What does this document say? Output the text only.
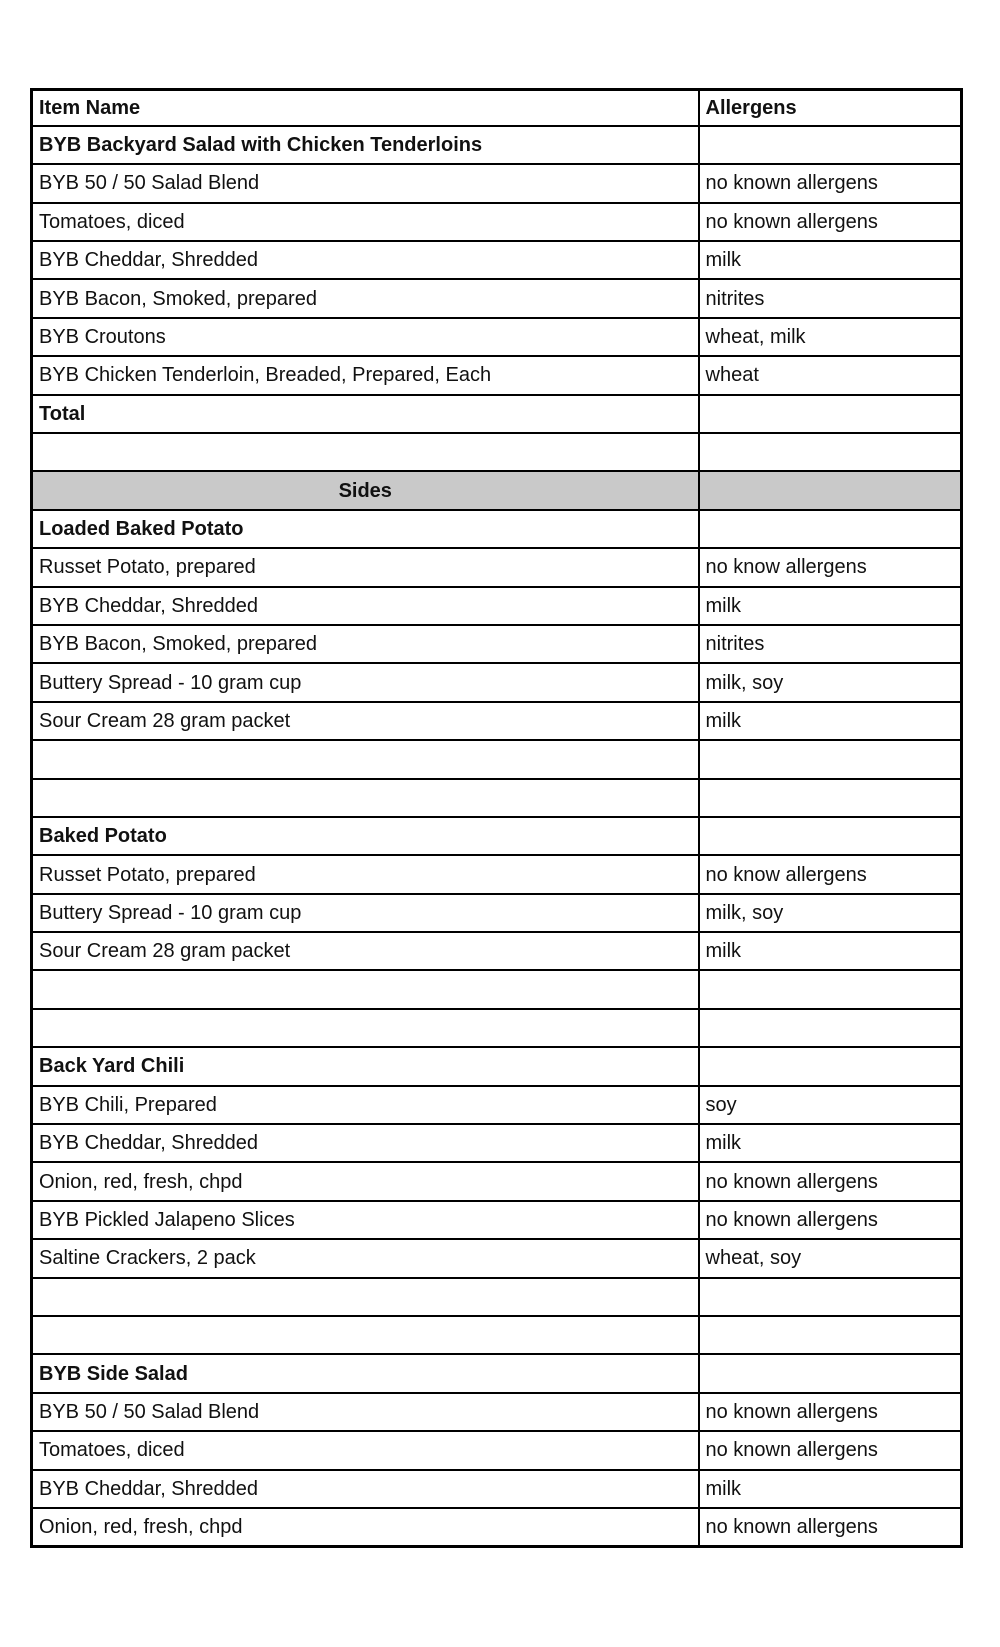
Item Name	Allergens
BYB Backyard Salad with Chicken Tenderloins	
BYB 50 / 50 Salad Blend	no known allergens
Tomatoes, diced	no known allergens
BYB Cheddar, Shredded	milk
BYB Bacon, Smoked, prepared	nitrites
BYB Croutons	wheat, milk
BYB Chicken Tenderloin, Breaded, Prepared, Each	wheat
Total	

Sides	
Loaded Baked Potato	
Russet Potato, prepared	no know allergens
BYB Cheddar, Shredded	milk
BYB Bacon, Smoked, prepared	nitrites
Buttery Spread - 10 gram cup	milk, soy
Sour Cream 28 gram packet	milk

Baked Potato	
Russet Potato, prepared	no know allergens
Buttery Spread - 10 gram cup	milk, soy
Sour Cream 28 gram packet	milk

Back Yard Chili	
BYB Chili, Prepared	soy
BYB Cheddar, Shredded	milk
Onion, red, fresh, chpd	no known allergens
BYB Pickled Jalapeno Slices	no known allergens
Saltine Crackers, 2 pack	wheat, soy

BYB Side Salad	
BYB 50 / 50 Salad Blend	no known allergens
Tomatoes, diced	no known allergens
BYB Cheddar, Shredded	milk
Onion, red, fresh, chpd	no known allergens
